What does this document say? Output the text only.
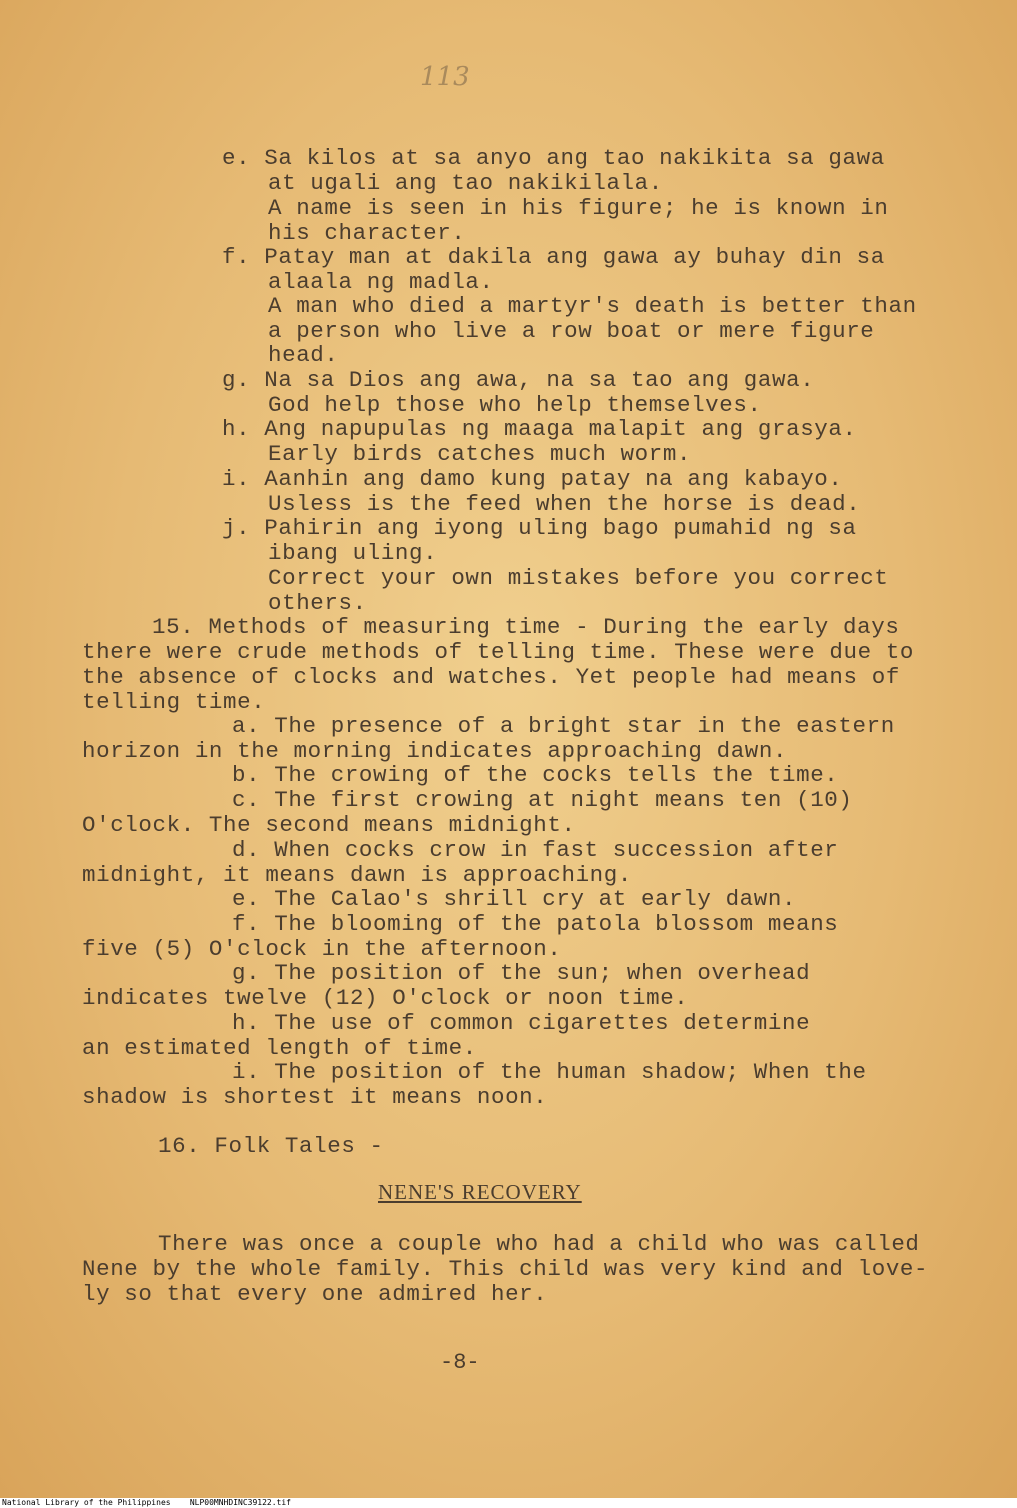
113
e. Sa kilos at sa anyo ang tao nakikita sa gawa
at ugali ang tao nakikilala.
A name is seen in his figure; he is known in
his character.
f. Patay man at dakila ang gawa ay buhay din sa
alaala ng madla.
A man who died a martyr's death is better than
a person who live a row boat or mere figure
head.
g. Na sa Dios ang awa, na sa tao ang gawa.
God help those who help themselves.
h. Ang napupulas ng maaga malapit ang grasya.
Early birds catches much worm.
i. Aanhin ang damo kung patay na ang kabayo.
Usless is the feed when the horse is dead.
j. Pahirin ang iyong uling bago pumahid ng sa
ibang uling.
Correct your own mistakes before you correct
others.
15. Methods of measuring time - During the early days
there were crude methods of telling time. These were due to
the absence of clocks and watches. Yet people had means of
telling time.
a. The presence of a bright star in the eastern
horizon in the morning indicates approaching dawn.
b. The crowing of the cocks tells the time.
c. The first crowing at night means ten (10)
O'clock. The second means midnight.
d. When cocks crow in fast succession after
midnight, it means dawn is approaching.
e. The Calao's shrill cry at early dawn.
f. The blooming of the patola blossom means
five (5) O'clock in the afternoon.
g. The position of the sun; when overhead
indicates twelve (12) O'clock or noon time.
h. The use of common cigarettes determine
an estimated length of time.
i. The position of the human shadow; When the
shadow is shortest it means noon.
16. Folk Tales -
NENE'S RECOVERY
There was once a couple who had a child who was called
Nene by the whole family. This child was very kind and love-
ly so that every one admired her.
-8-
National Library of the Philippines NLP00MNHDINC39122.tif
